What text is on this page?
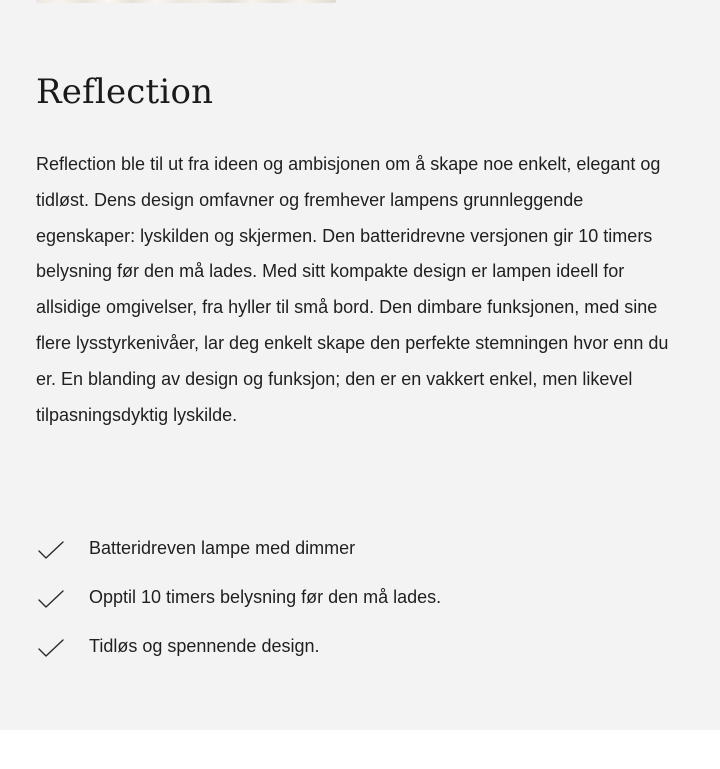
Reflection

Reflection ble til ut fra ideen og ambisjonen om å skape noe enkelt, elegant og tidløst. Dens design omfavner og fremhever lampens grunnleggende egenskaper: lyskilden og skjermen. Den batteridrevne versjonen gir 10 timers belysning før den må lades. Med sitt kompakte design er lampen ideell for allsidige omgivelser, fra hyller til små bord. Den dimbare funksjonen, med sine flere lysstyrkenivåer, lar deg enkelt skape den perfekte stemningen hvor enn du er. En blanding av design og funksjon; den er en vakkert enkel, men likevel tilpasningsdyktig lyskilde.

Batteridreven lampe med dimmer
Opptil 10 timers belysning før den må lades.
Tidløs og spennende design.
